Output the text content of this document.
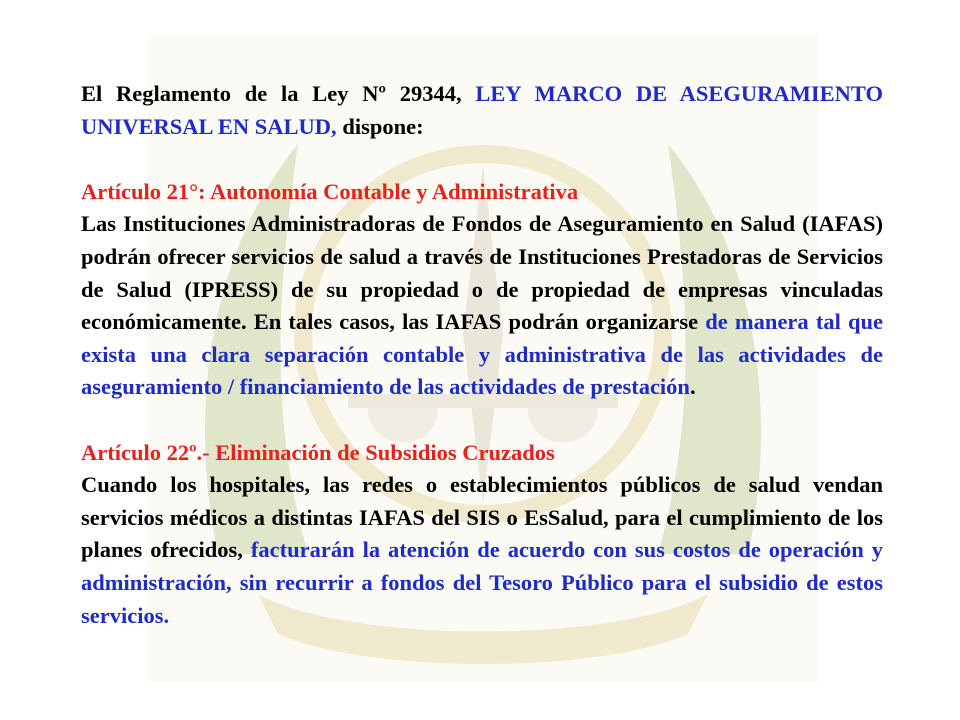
El Reglamento de la Ley Nº 29344, LEY MARCO DE ASEGURAMIENTO UNIVERSAL EN SALUD, dispone:

Artículo 21°: Autonomía Contable y Administrativa

Las Instituciones Administradoras de Fondos de Aseguramiento en Salud (IAFAS) podrán ofrecer servicios de salud a través de Instituciones Prestadoras de Servicios de Salud (IPRESS) de su propiedad o de propiedad de empresas vinculadas económicamente. En tales casos, las IAFAS podrán organizarse de manera tal que exista una clara separación contable y administrativa de las actividades de aseguramiento / financiamiento de las actividades de prestación.

Artículo 22º.- Eliminación de Subsidios Cruzados

Cuando los hospitales, las redes o establecimientos públicos de salud vendan servicios médicos a distintas IAFAS del SIS o EsSalud, para el cumplimiento de los planes ofrecidos, facturarán la atención de acuerdo con sus costos de operación y administración, sin recurrir a fondos del Tesoro Público para el subsidio de estos servicios.
